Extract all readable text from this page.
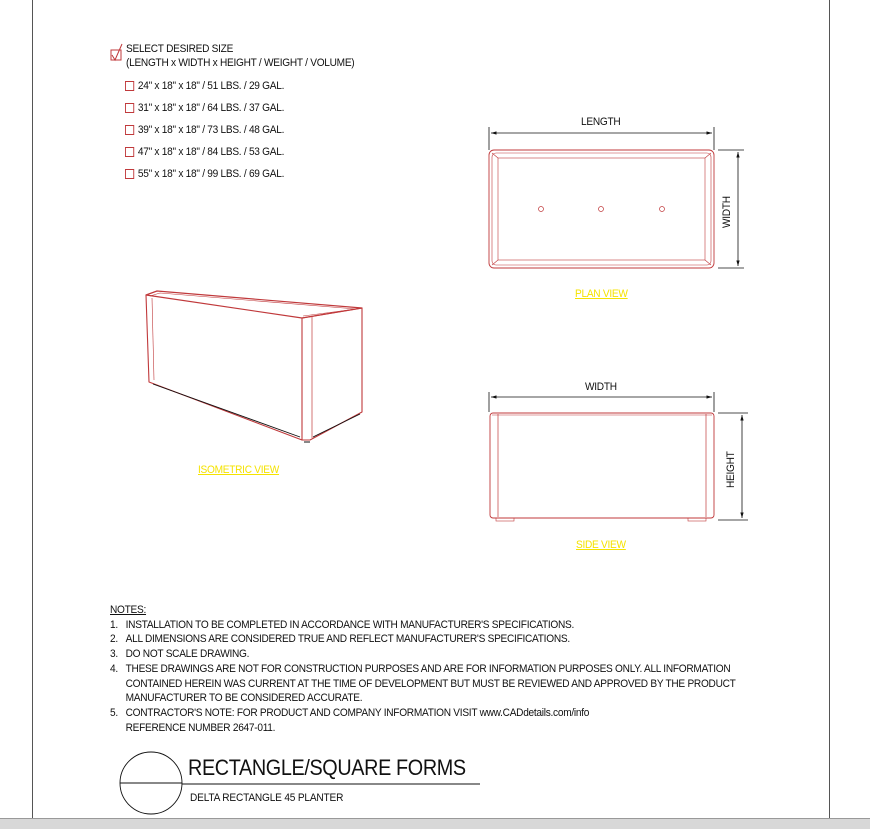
SELECT DESIRED SIZE
(LENGTH x WIDTH x HEIGHT / WEIGHT / VOLUME)
24" x 18" x 18" / 51 LBS. / 29 GAL.
31" x 18" x 18" / 64 LBS. / 37 GAL.
39" x 18" x 18" / 73 LBS. / 48 GAL.
47" x 18" x 18" / 84 LBS. / 53 GAL.
55" x 18" x 18" / 99 LBS. / 69 GAL.
LENGTH
WIDTH
WIDTH
HEIGHT
PLAN VIEW
SIDE VIEW
ISOMETRIC VIEW
NOTES:
1. INSTALLATION TO BE COMPLETED IN ACCORDANCE WITH MANUFACTURER'S SPECIFICATIONS.
2. ALL DIMENSIONS ARE CONSIDERED TRUE AND REFLECT MANUFACTURER'S SPECIFICATIONS.
3. DO NOT SCALE DRAWING.
4. THESE DRAWINGS ARE NOT FOR CONSTRUCTION PURPOSES AND ARE FOR INFORMATION PURPOSES ONLY. ALL INFORMATION
CONTAINED HEREIN WAS CURRENT AT THE TIME OF DEVELOPMENT BUT MUST BE REVIEWED AND APPROVED BY THE PRODUCT
MANUFACTURER TO BE CONSIDERED ACCURATE.
5. CONTRACTOR'S NOTE: FOR PRODUCT AND COMPANY INFORMATION VISIT www.CADdetails.com/info
REFERENCE NUMBER 2647-011.
RECTANGLE/SQUARE FORMS
DELTA RECTANGLE 45 PLANTER
